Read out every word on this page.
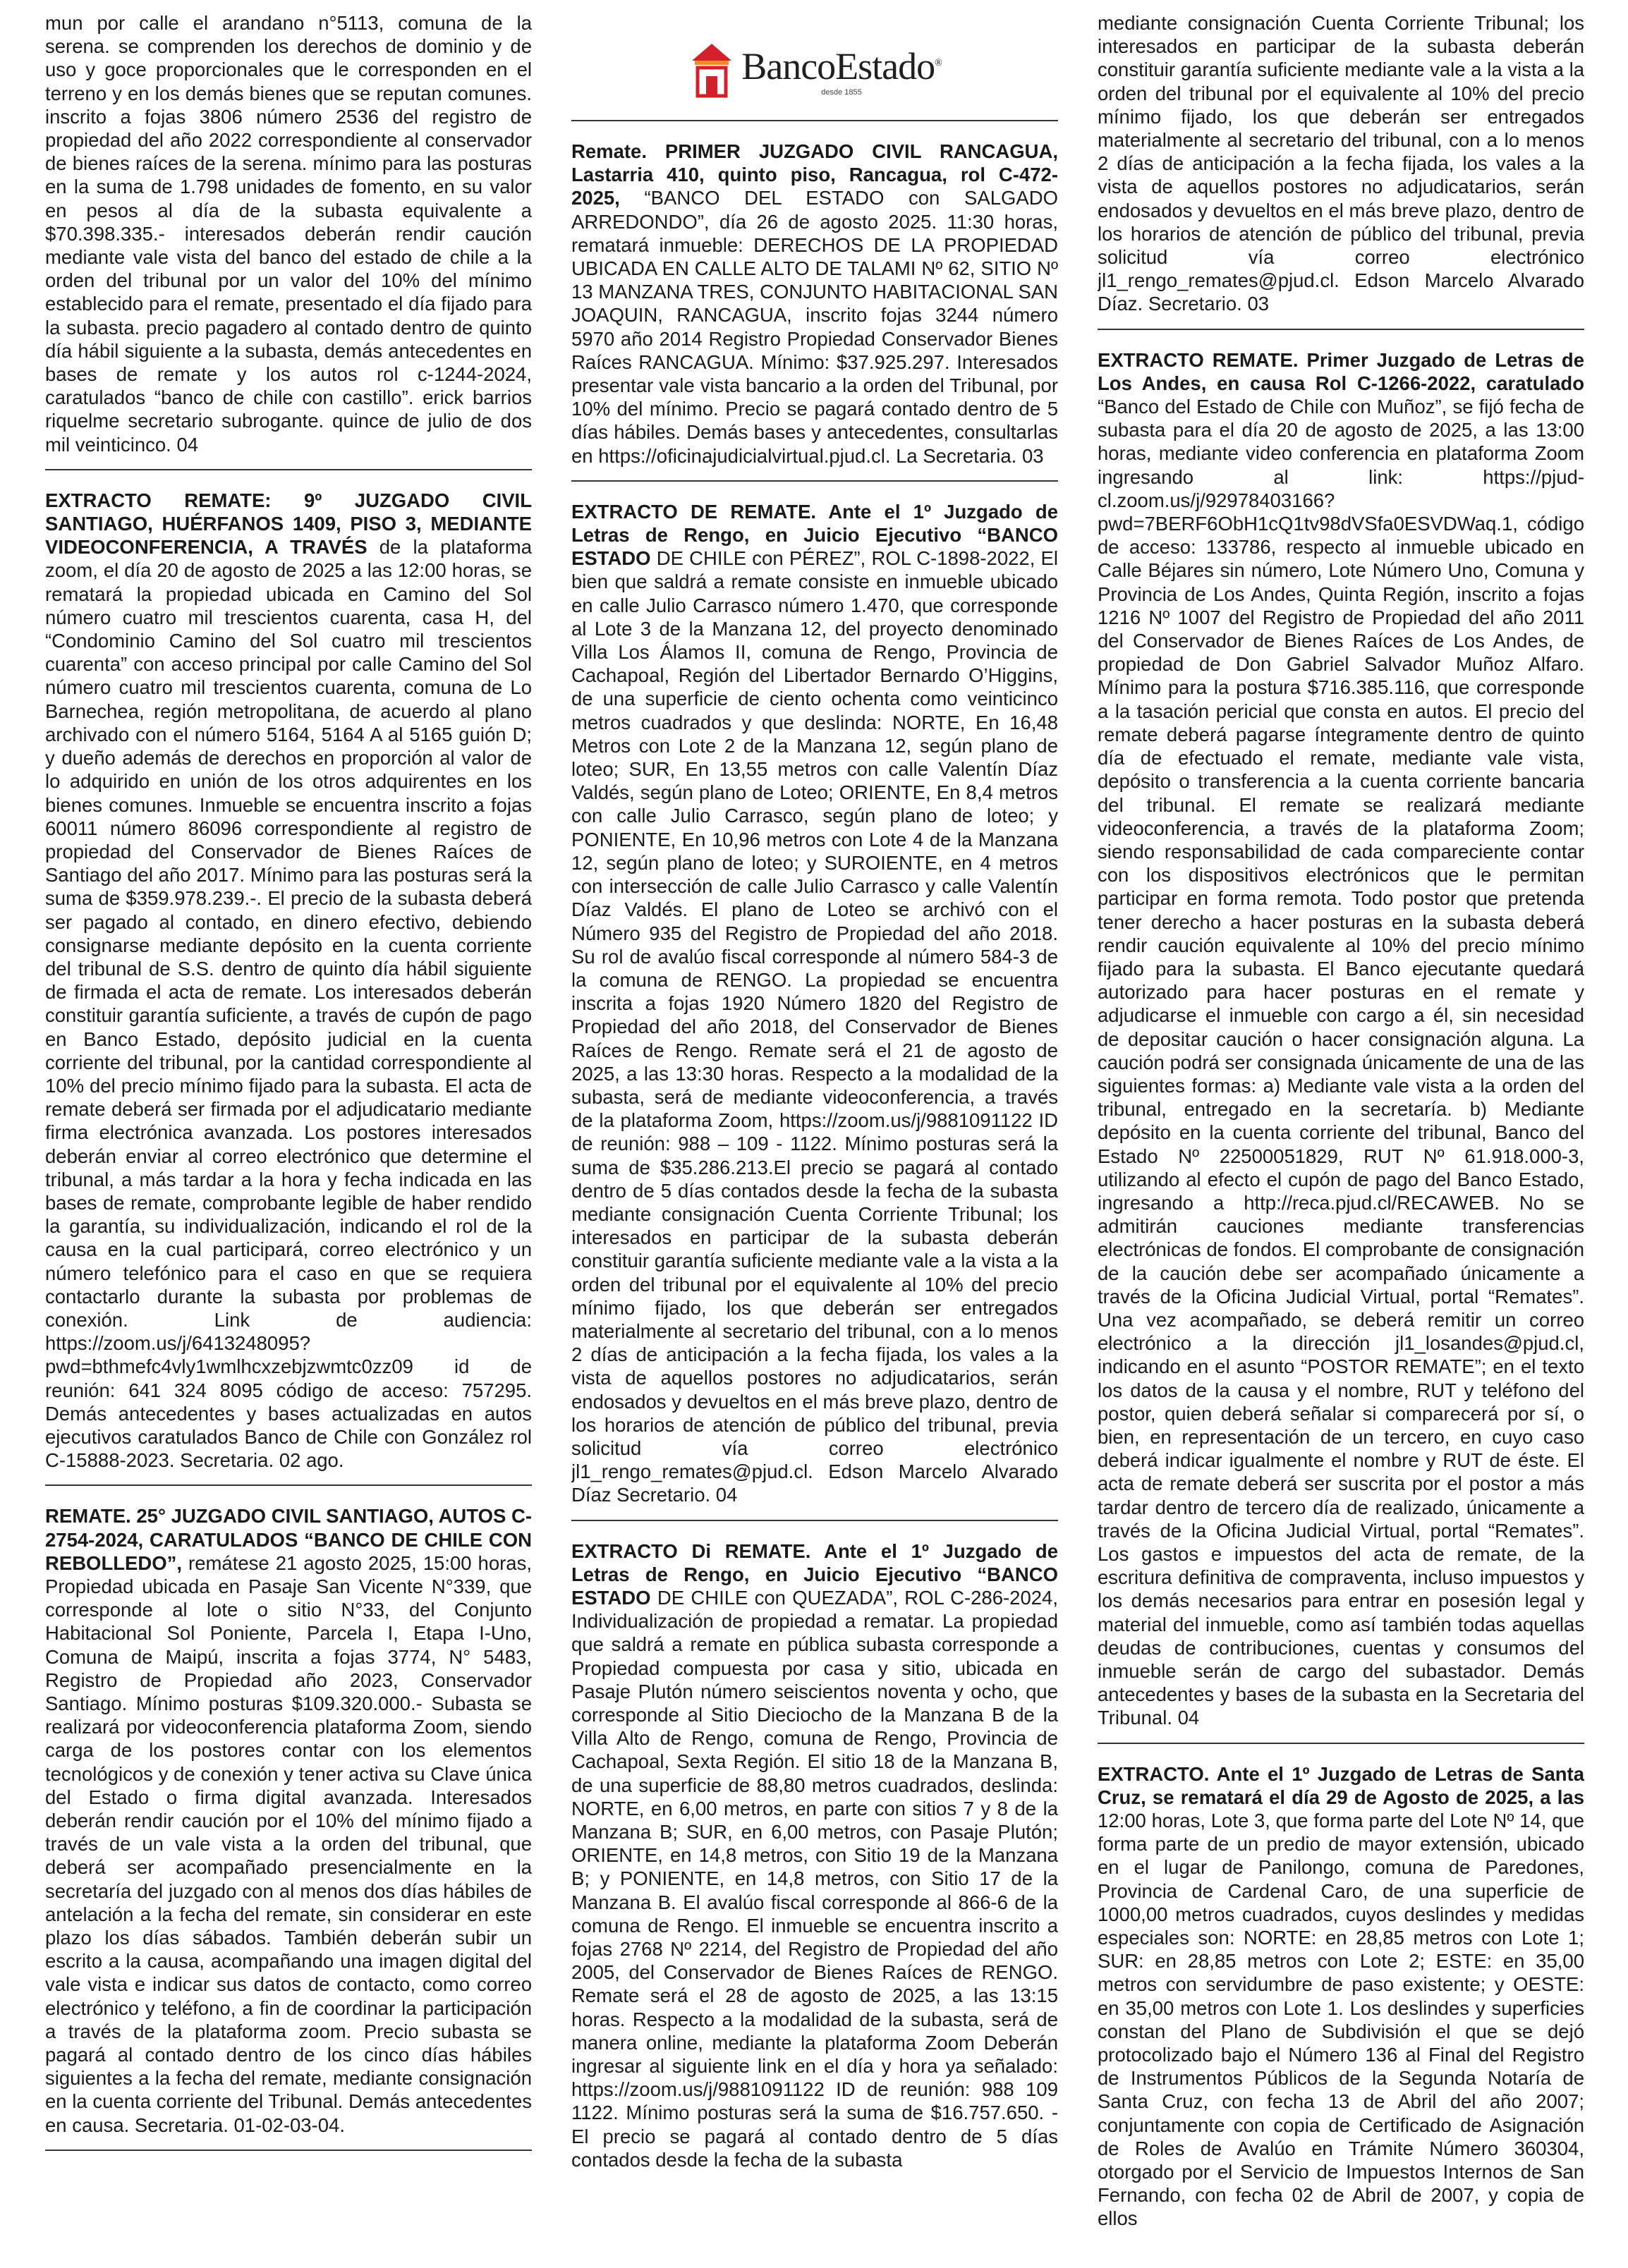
mun por calle el arandano n°5113, comuna de la serena. se comprenden los derechos de dominio y de uso y goce proporcionales que le corresponden en el terreno y en los demás bienes que se reputan comunes. inscrito a fojas 3806 número 2536 del registro de propiedad del año 2022 correspondiente al conservador de bienes raíces de la serena. mínimo para las posturas en la suma de 1.798 unidades de fomento, en su valor en pesos al día de la subasta equivalente a $70.398.335.- interesados deberán rendir caución mediante vale vista del banco del estado de chile a la orden del tribunal por un valor del 10% del mínimo establecido para el remate, presentado el día fijado para la subasta. precio pagadero al contado dentro de quinto día hábil siguiente a la subasta, demás antecedentes en bases de remate y los autos rol c-1244-2024, caratulados “banco de chile con castillo”. erick barrios riquelme secretario subrogante. quince de julio de dos mil veinticinco. 04

EXTRACTO REMATE: 9º JUZGADO CIVIL SANTIAGO, HUÉRFANOS 1409, PISO 3, MEDIANTE VIDEOCONFERENCIA, A TRAVÉS de la plataforma zoom, el día 20 de agosto de 2025 a las 12:00 horas, se rematará la propiedad ubicada en Camino del Sol número cuatro mil trescientos cuarenta, casa H, del “Condominio Camino del Sol cuatro mil trescientos cuarenta” con acceso principal por calle Camino del Sol número cuatro mil trescientos cuarenta, comuna de Lo Barnechea, región metropolitana, de acuerdo al plano archivado con el número 5164, 5164 A al 5165 guión D; y dueño además de derechos en proporción al valor de lo adquirido en unión de los otros adquirentes en los bienes comunes. Inmueble se encuentra inscrito a fojas 60011 número 86096 correspondiente al registro de propiedad del Conservador de Bienes Raíces de Santiago del año 2017. Mínimo para las posturas será la suma de $359.978.239.-. El precio de la subasta deberá ser pagado al contado, en dinero efectivo, debiendo consignarse mediante depósito en la cuenta corriente del tribunal de S.S. dentro de quinto día hábil siguiente de firmada el acta de remate. Los interesados deberán constituir garantía suficiente, a través de cupón de pago en Banco Estado, depósito judicial en la cuenta corriente del tribunal, por la cantidad correspondiente al 10% del precio mínimo fijado para la subasta. El acta de remate deberá ser firmada por el adjudicatario mediante firma electrónica avanzada. Los postores interesados deberán enviar al correo electrónico que determine el tribunal, a más tardar a la hora y fecha indicada en las bases de remate, comprobante legible de haber rendido la garantía, su individualización, indicando el rol de la causa en la cual participará, correo electrónico y un número telefónico para el caso en que se requiera contactarlo durante la subasta por problemas de conexión. Link de audiencia: https://zoom.us/j/6413248095? pwd=bthmefc4vly1wmlhcxzebjzwmtc0zz09 id de reunión: 641 324 8095 código de acceso: 757295. Demás antecedentes y bases actualizadas en autos ejecutivos caratulados Banco de Chile con González rol C-15888-2023. Secretaria. 02 ago.

REMATE. 25° JUZGADO CIVIL SANTIAGO, AUTOS C-2754-2024, CARATULADOS “BANCO DE CHILE CON REBOLLEDO”, remátese 21 agosto 2025, 15:00 horas, Propiedad ubicada en Pasaje San Vicente N°339, que corresponde al lote o sitio N°33, del Conjunto Habitacional Sol Poniente, Parcela I, Etapa I-Uno, Comuna de Maipú, inscrita a fojas 3774, N° 5483, Registro de Propiedad año 2023, Conservador Santiago. Mínimo posturas $109.320.000.- Subasta se realizará por videoconferencia plataforma Zoom, siendo carga de los postores contar con los elementos tecnológicos y de conexión y tener activa su Clave única del Estado o firma digital avanzada. Interesados deberán rendir caución por el 10% del mínimo fijado a través de un vale vista a la orden del tribunal, que deberá ser acompañado presencialmente en la secretaría del juzgado con al menos dos días hábiles de antelación a la fecha del remate, sin considerar en este plazo los días sábados. También deberán subir un escrito a la causa, acompañando una imagen digital del vale vista e indicar sus datos de contacto, como correo electrónico y teléfono, a fin de coordinar la participación a través de la plataforma zoom. Precio subasta se pagará al contado dentro de los cinco días hábiles siguientes a la fecha del remate, mediante consignación en la cuenta corriente del Tribunal. Demás antecedentes en causa. Secretaria. 01-02-03-04.

BancoEstado®
desde 1855

Remate. PRIMER JUZGADO CIVIL RANCAGUA, Lastarria 410, quinto piso, Rancagua, rol C-472-2025, “BANCO DEL ESTADO con SALGADO ARREDONDO”, día 26 de agosto 2025. 11:30 horas, rematará inmueble: DERECHOS DE LA PROPIEDAD UBICADA EN CALLE ALTO DE TALAMI Nº 62, SITIO Nº 13 MANZANA TRES, CONJUNTO HABITACIONAL SAN JOAQUIN, RANCAGUA, inscrito fojas 3244 número 5970 año 2014 Registro Propiedad Conservador Bienes Raíces RANCAGUA. Mínimo: $37.925.297. Interesados presentar vale vista bancario a la orden del Tribunal, por 10% del mínimo. Precio se pagará contado dentro de 5 días hábiles. Demás bases y antecedentes, consultarlas en https://oficinajudicialvirtual.pjud.cl. La Secretaria. 03

EXTRACTO DE REMATE. Ante el 1º Juzgado de Letras de Rengo, en Juicio Ejecutivo “BANCO ESTADO DE CHILE con PÉREZ”, ROL C-1898-2022, El bien que saldrá a remate consiste en inmueble ubicado en calle Julio Carrasco número 1.470, que corresponde al Lote 3 de la Manzana 12, del proyecto denominado Villa Los Álamos II, comuna de Rengo, Provincia de Cachapoal, Región del Libertador Bernardo O’Higgins, de una superficie de ciento ochenta como veinticinco metros cuadrados y que deslinda: NORTE, En 16,48 Metros con Lote 2 de la Manzana 12, según plano de loteo; SUR, En 13,55 metros con calle Valentín Díaz Valdés, según plano de Loteo; ORIENTE, En 8,4 metros con calle Julio Carrasco, según plano de loteo; y PONIENTE, En 10,96 metros con Lote 4 de la Manzana 12, según plano de loteo; y SUROIENTE, en 4 metros con intersección de calle Julio Carrasco y calle Valentín Díaz Valdés. El plano de Loteo se archivó con el Número 935 del Registro de Propiedad del año 2018. Su rol de avalúo fiscal corresponde al número 584-3 de la comuna de RENGO. La propiedad se encuentra inscrita a fojas 1920 Número 1820 del Registro de Propiedad del año 2018, del Conservador de Bienes Raíces de Rengo. Remate será el 21 de agosto de 2025, a las 13:30 horas. Respecto a la modalidad de la subasta, será de mediante videoconferencia, a través de la plataforma Zoom, https://zoom.us/j/9881091122 ID de reunión: 988 – 109 - 1122. Mínimo posturas será la suma de $35.286.213.El precio se pagará al contado dentro de 5 días contados desde la fecha de la subasta mediante consignación Cuenta Corriente Tribunal; los interesados en participar de la subasta deberán constituir garantía suficiente mediante vale a la vista a la orden del tribunal por el equivalente al 10% del precio mínimo fijado, los que deberán ser entregados materialmente al secretario del tribunal, con a lo menos 2 días de anticipación a la fecha fijada, los vales a la vista de aquellos postores no adjudicatarios, serán endosados y devueltos en el más breve plazo, dentro de los horarios de atención de público del tribunal, previa solicitud vía correo electrónico jl1_rengo_remates@pjud.cl. Edson Marcelo Alvarado Díaz Secretario. 04

EXTRACTO Di REMATE. Ante el 1º Juzgado de Letras de Rengo, en Juicio Ejecutivo “BANCO ESTADO DE CHILE con QUEZADA”, ROL C-286-2024, Individualización de propiedad a rematar. La propiedad que saldrá a remate en pública subasta corresponde a Propiedad compuesta por casa y sitio, ubicada en Pasaje Plutón número seiscientos noventa y ocho, que corresponde al Sitio Dieciocho de la Manzana B de la Villa Alto de Rengo, comuna de Rengo, Provincia de Cachapoal, Sexta Región. El sitio 18 de la Manzana B, de una superficie de 88,80 metros cuadrados, deslinda: NORTE, en 6,00 metros, en parte con sitios 7 y 8 de la Manzana B; SUR, en 6,00 metros, con Pasaje Plutón; ORIENTE, en 14,8 metros, con Sitio 19 de la Manzana B; y PONIENTE, en 14,8 metros, con Sitio 17 de la Manzana B. El avalúo fiscal corresponde al 866-6 de la comuna de Rengo. El inmueble se encuentra inscrito a fojas 2768 Nº 2214, del Registro de Propiedad del año 2005, del Conservador de Bienes Raíces de RENGO. Remate será el 28 de agosto de 2025, a las 13:15 horas. Respecto a la modalidad de la subasta, será de manera online, mediante la plataforma Zoom Deberán ingresar al siguiente link en el día y hora ya señalado: https://zoom.us/j/9881091122 ID de reunión: 988 109 1122. Mínimo posturas será la suma de $16.757.650. - El precio se pagará al contado dentro de 5 días contados desde la fecha de la subasta

mediante consignación Cuenta Corriente Tribunal; los interesados en participar de la subasta deberán constituir garantía suficiente mediante vale a la vista a la orden del tribunal por el equivalente al 10% del precio mínimo fijado, los que deberán ser entregados materialmente al secretario del tribunal, con a lo menos 2 días de anticipación a la fecha fijada, los vales a la vista de aquellos postores no adjudicatarios, serán endosados y devueltos en el más breve plazo, dentro de los horarios de atención de público del tribunal, previa solicitud vía correo electrónico jl1_rengo_remates@pjud.cl. Edson Marcelo Alvarado Díaz. Secretario. 03

EXTRACTO REMATE. Primer Juzgado de Letras de Los Andes, en causa Rol C-1266-2022, caratulado “Banco del Estado de Chile con Muñoz”, se fijó fecha de subasta para el día 20 de agosto de 2025, a las 13:00 horas, mediante video conferencia en plataforma Zoom ingresando al link: https://pjud-cl.zoom.us/j/92978403166?pwd=7BERF6ObH1cQ1tv98dVSfa0ESVDWaq.1, código de acceso: 133786, respecto al inmueble ubicado en Calle Béjares sin número, Lote Número Uno, Comuna y Provincia de Los Andes, Quinta Región, inscrito a fojas 1216 Nº 1007 del Registro de Propiedad del año 2011 del Conservador de Bienes Raíces de Los Andes, de propiedad de Don Gabriel Salvador Muñoz Alfaro. Mínimo para la postura $716.385.116, que corresponde a la tasación pericial que consta en autos. El precio del remate deberá pagarse íntegramente dentro de quinto día de efectuado el remate, mediante vale vista, depósito o transferencia a la cuenta corriente bancaria del tribunal. El remate se realizará mediante videoconferencia, a través de la plataforma Zoom; siendo responsabilidad de cada compareciente contar con los dispositivos electrónicos que le permitan participar en forma remota. Todo postor que pretenda tener derecho a hacer posturas en la subasta deberá rendir caución equivalente al 10% del precio mínimo fijado para la subasta. El Banco ejecutante quedará autorizado para hacer posturas en el remate y adjudicarse el inmueble con cargo a él, sin necesidad de depositar caución o hacer consignación alguna. La caución podrá ser consignada únicamente de una de las siguientes formas: a) Mediante vale vista a la orden del tribunal, entregado en la secretaría. b) Mediante depósito en la cuenta corriente del tribunal, Banco del Estado Nº 22500051829, RUT Nº 61.918.000-3, utilizando al efecto el cupón de pago del Banco Estado, ingresando a http://reca.pjud.cl/RECAWEB. No se admitirán cauciones mediante transferencias electrónicas de fondos. El comprobante de consignación de la caución debe ser acompañado únicamente a través de la Oficina Judicial Virtual, portal “Remates”. Una vez acompañado, se deberá remitir un correo electrónico a la dirección jl1_losandes@pjud.cl, indicando en el asunto “POSTOR REMATE”; en el texto los datos de la causa y el nombre, RUT y teléfono del postor, quien deberá señalar si comparecerá por sí, o bien, en representación de un tercero, en cuyo caso deberá indicar igualmente el nombre y RUT de éste. El acta de remate deberá ser suscrita por el postor a más tardar dentro de tercero día de realizado, únicamente a través de la Oficina Judicial Virtual, portal “Remates”. Los gastos e impuestos del acta de remate, de la escritura definitiva de compraventa, incluso impuestos y los demás necesarios para entrar en posesión legal y material del inmueble, como así también todas aquellas deudas de contribuciones, cuentas y consumos del inmueble serán de cargo del subastador. Demás antecedentes y bases de la subasta en la Secretaria del Tribunal. 04

EXTRACTO. Ante el 1º Juzgado de Letras de Santa Cruz, se rematará el día 29 de Agosto de 2025, a las 12:00 horas, Lote 3, que forma parte del Lote Nº 14, que forma parte de un predio de mayor extensión, ubicado en el lugar de Panilongo, comuna de Paredones, Provincia de Cardenal Caro, de una superficie de 1000,00 metros cuadrados, cuyos deslindes y medidas especiales son: NORTE: en 28,85 metros con Lote 1; SUR: en 28,85 metros con Lote 2; ESTE: en 35,00 metros con servidumbre de paso existente; y OESTE: en 35,00 metros con Lote 1. Los deslindes y superficies constan del Plano de Subdivisión el que se dejó protocolizado bajo el Número 136 al Final del Registro de Instrumentos Públicos de la Segunda Notaría de Santa Cruz, con fecha 13 de Abril del año 2007; conjuntamente con copia de Certificado de Asignación de Roles de Avalúo en Trámite Número 360304, otorgado por el Servicio de Impuestos Internos de San Fernando, con fecha 02 de Abril de 2007, y copia de ellos
